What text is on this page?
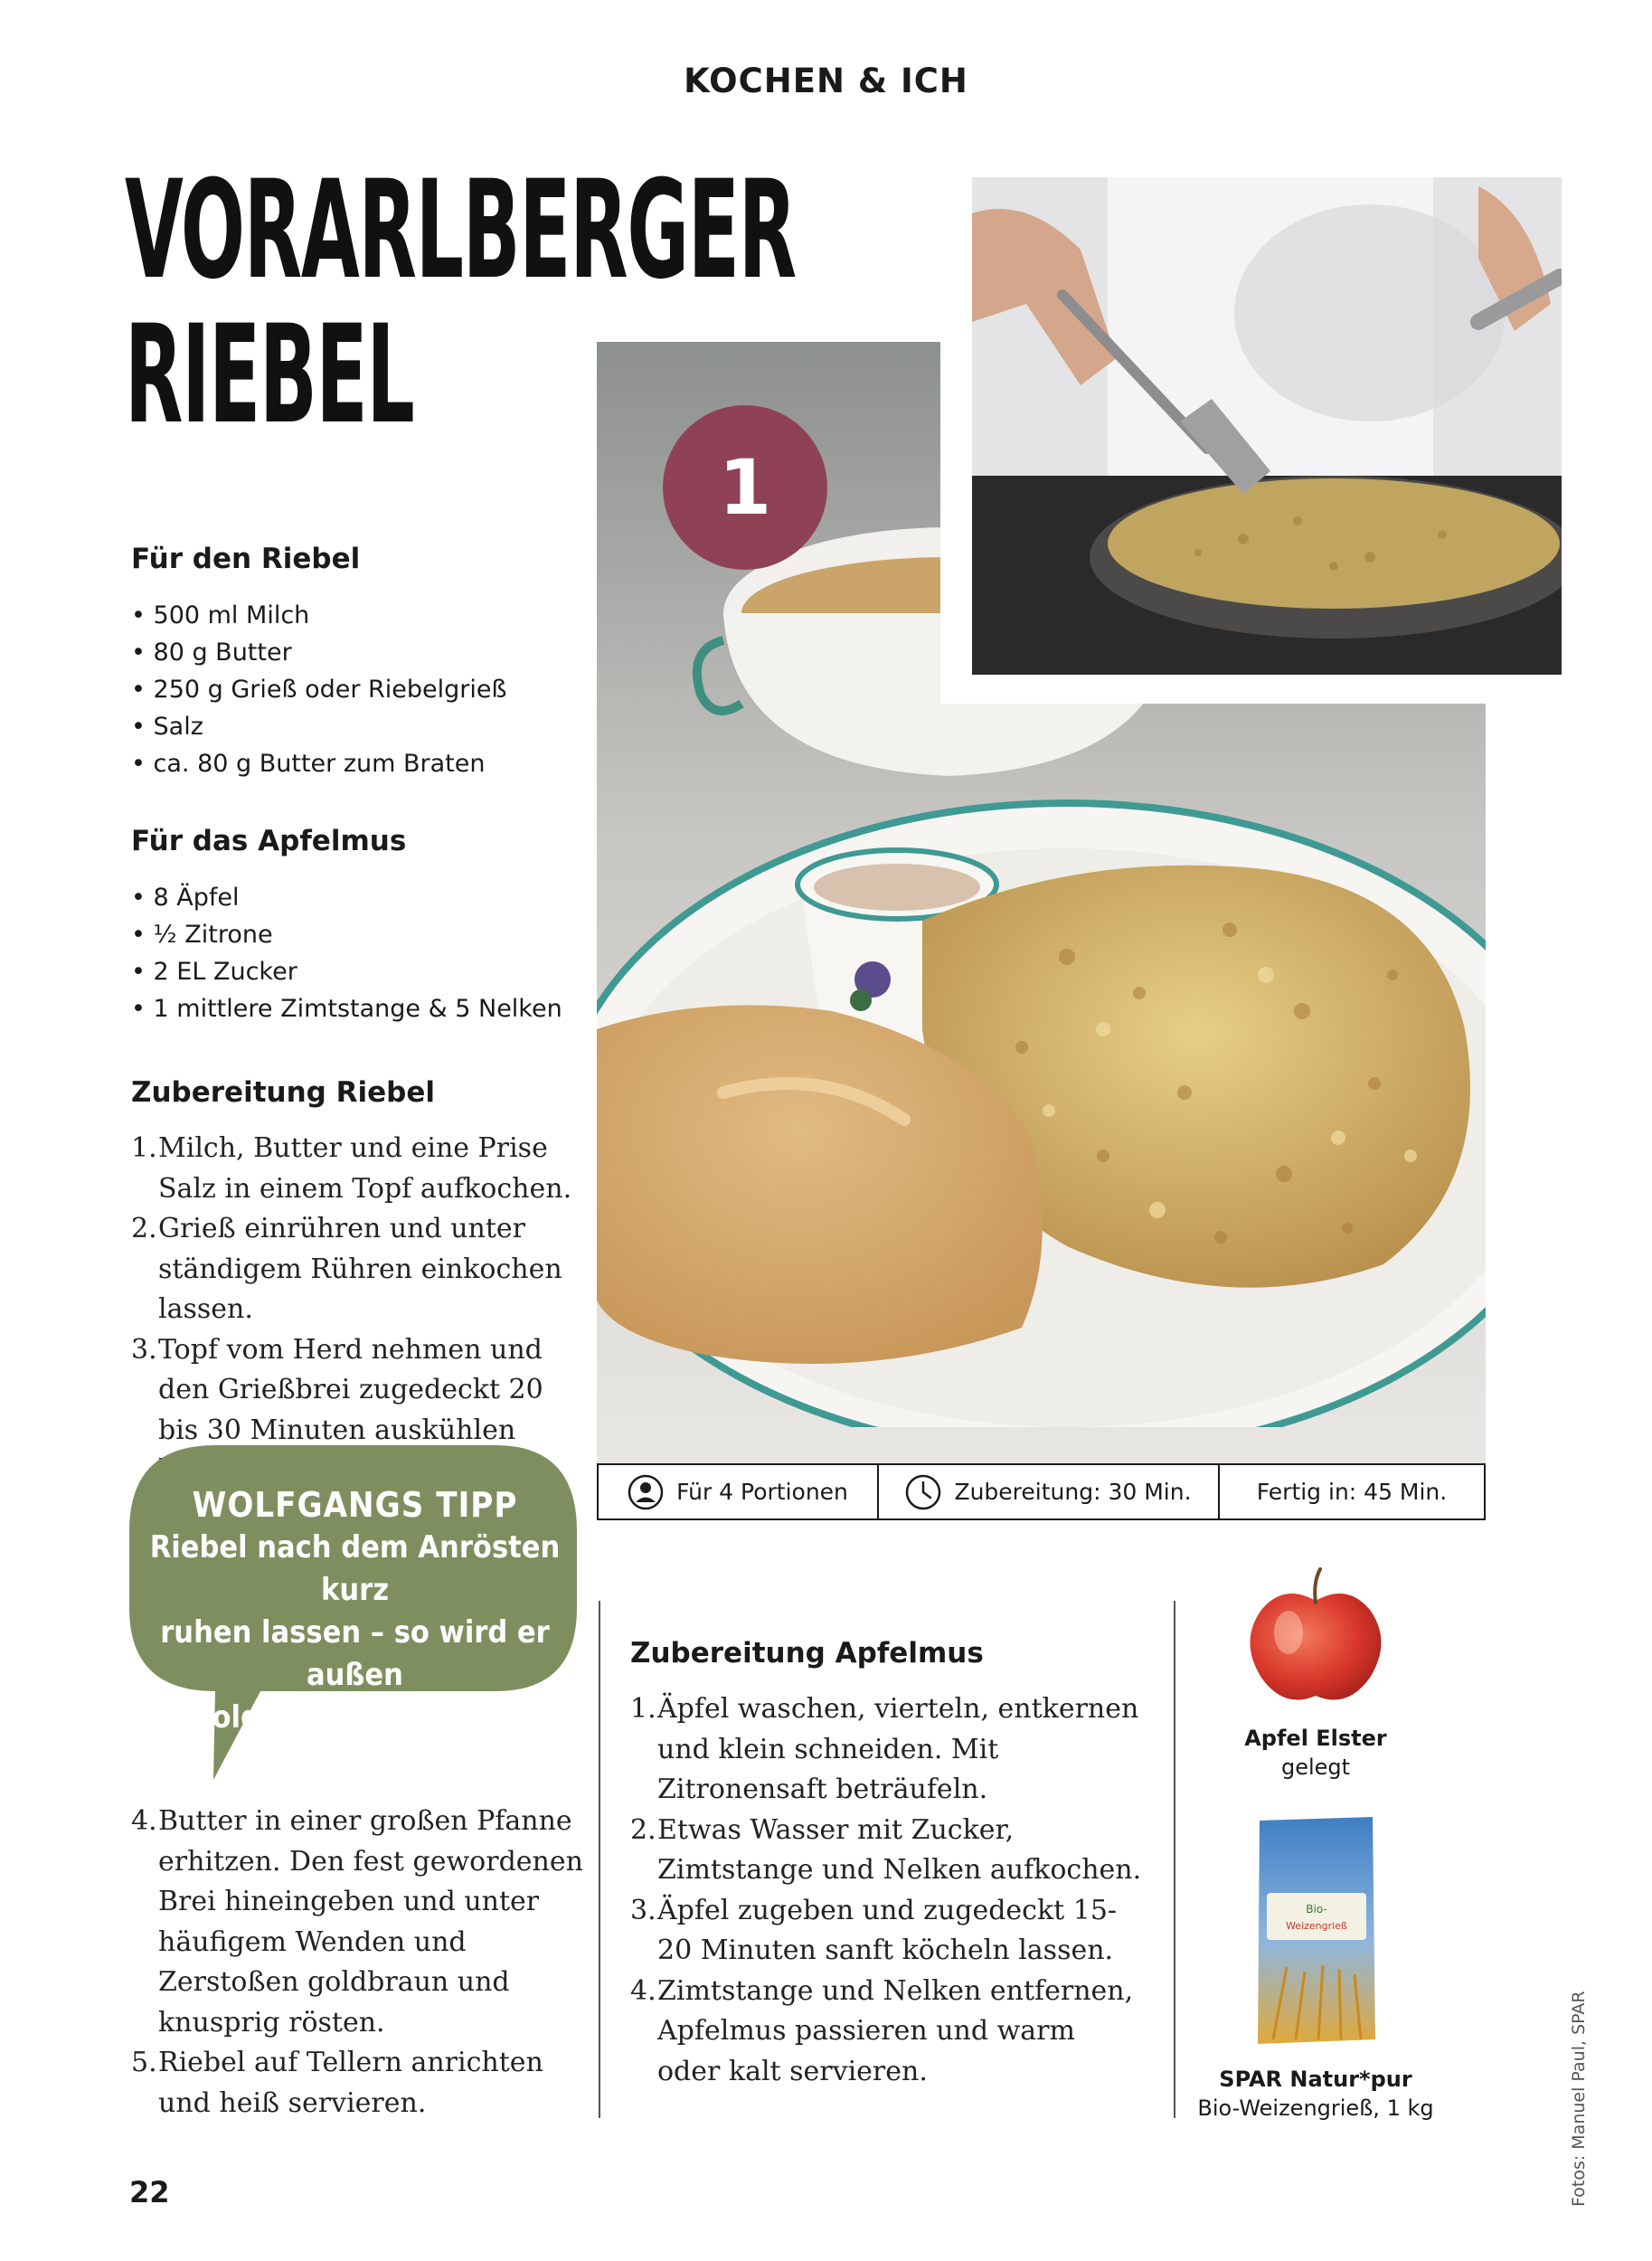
KOCHEN & ICH
VORARLBERGER
RIEBEL
Für den Riebel
• 500 ml Milch
• 80 g Butter
• 250 g Grieß oder Riebelgrieß
• Salz
• ca. 80 g Butter zum Braten
Für das Apfelmus
• 8 Äpfel
• ½ Zitrone
• 2 EL Zucker
• 1 mittlere Zimtstange & 5 Nelken
Zubereitung Riebel
1. Milch, Butter und eine Prise Salz in einem Topf aufkochen.
2. Grieß einrühren und unter ständigem Rühren einkochen lassen.
3. Topf vom Herd nehmen und den Grießbrei zugedeckt 20 bis 30 Minuten auskühlen
1
Für 4 Portionen	Zubereitung: 30 Min.	Fertig in: 45 Min.
WOLFGANGS TIPP
Riebel nach dem Anrösten kurz
ruhen lassen – so wird er außen
goldbraun und innen locker.
4. Butter in einer großen Pfanne erhitzen. Den fest gewordenen Brei hineingeben und unter häufigem Wenden und Zerstoßen goldbraun und knusprig rösten.
5. Riebel auf Tellern anrichten und heiß servieren.
Zubereitung Apfelmus
1. Äpfel waschen, vierteln, entkernen und klein schneiden. Mit Zitronensaft beträufeln.
2. Etwas Wasser mit Zucker, Zimtstange und Nelken aufkochen.
3. Äpfel zugeben und zugedeckt 15-20 Minuten sanft köcheln lassen.
4. Zimtstange und Nelken entfernen, Apfelmus passieren und warm oder kalt servieren.
Apfel Elster
gelegt
Bio-
Weizengrieß
SPAR Natur*pur
Bio-Weizengrieß, 1 kg	Fotos: Manuel Paul, SPAR
22
